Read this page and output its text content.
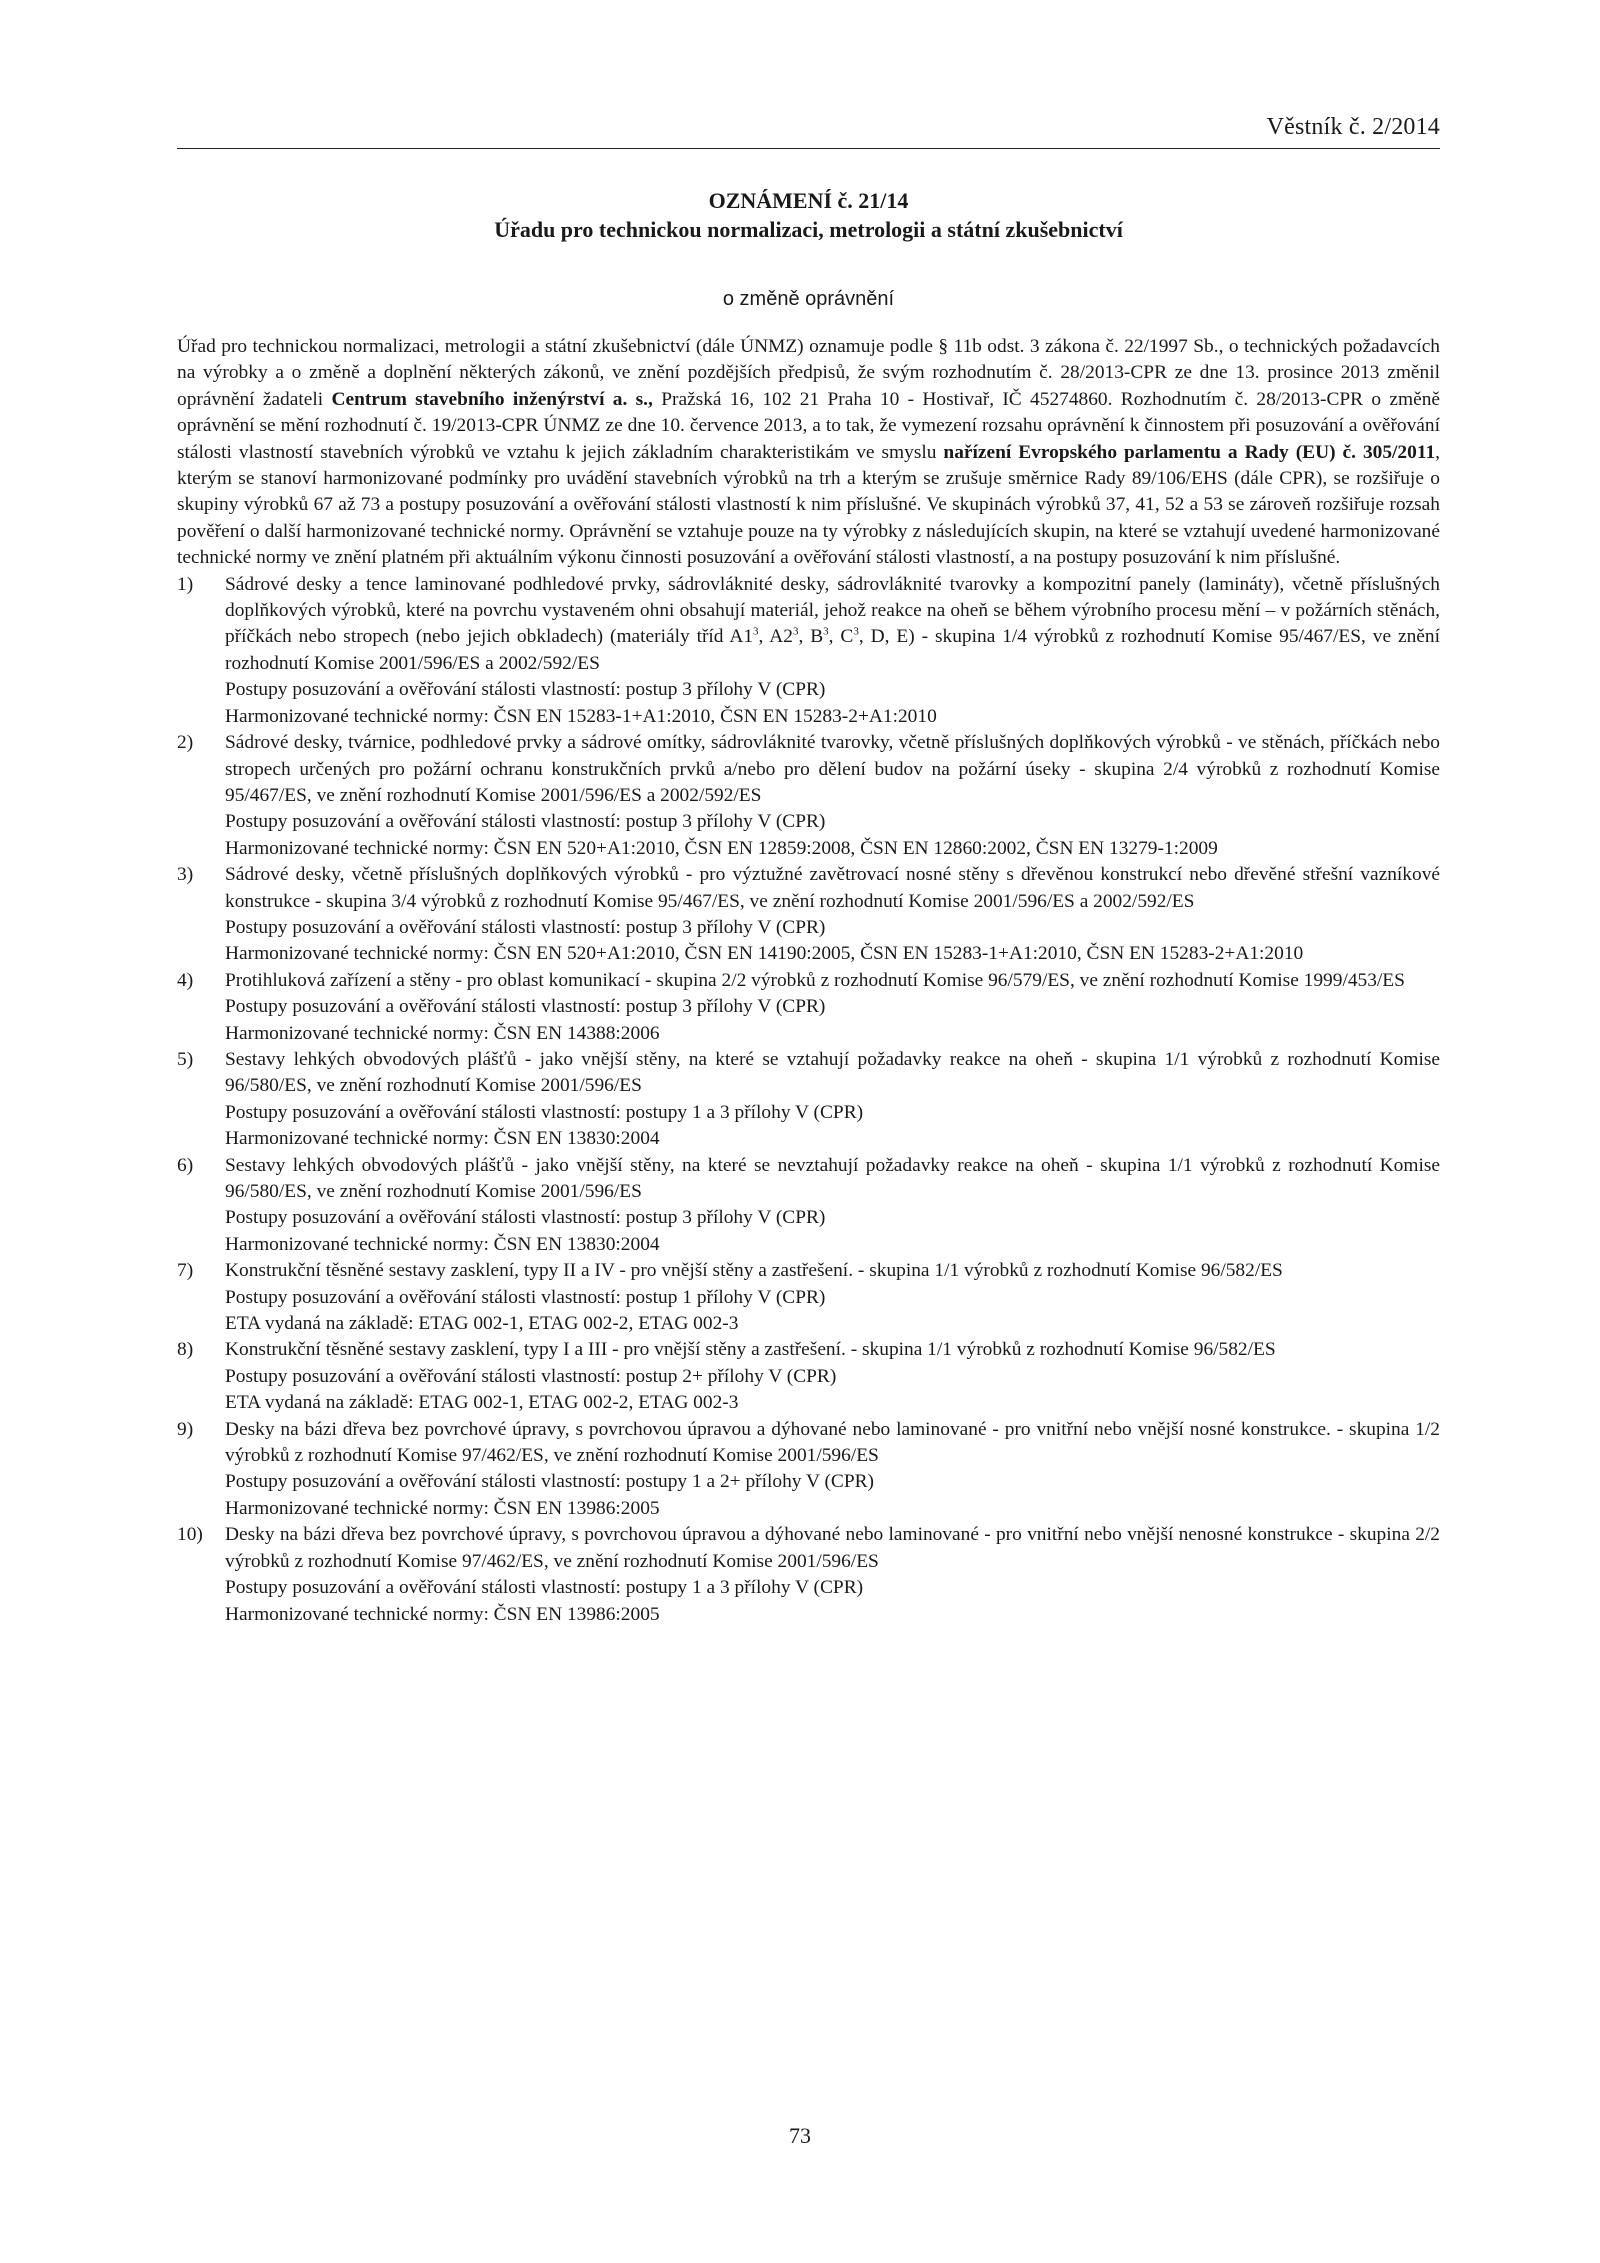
Věstník č. 2/2014
OZNÁMENÍ č. 21/14
Úřadu pro technickou normalizaci, metrologii a státní zkušebnictví
o změně oprávnění

Úřad pro technickou normalizaci, metrologii a státní zkušebnictví (dále ÚNMZ) oznamuje podle § 11b odst. 3 zákona č. 22/1997 Sb., o technických požadavcích na výrobky a o změně a doplnění některých zákonů, ve znění pozdějších předpisů, že svým rozhodnutím č. 28/2013-CPR ze dne 13. prosince 2013 změnil oprávnění žadateli Centrum stavebního inženýrství a. s., Pražská 16, 102 21 Praha 10 - Hostivař, IČ 45274860. Rozhodnutím č. 28/2013-CPR o změně oprávnění se mění rozhodnutí č. 19/2013-CPR ÚNMZ ze dne 10. července 2013, a to tak, že vymezení rozsahu oprávnění k činnostem při posuzování a ověřování stálosti vlastností stavebních výrobků ve vztahu k jejich základním charakteristikám ve smyslu nařízení Evropského parlamentu a Rady (EU) č. 305/2011, kterým se stanoví harmonizované podmínky pro uvádění stavebních výrobků na trh a kterým se zrušuje směrnice Rady 89/106/EHS (dále CPR), se rozšiřuje o skupiny výrobků 67 až 73 a postupy posuzování a ověřování stálosti vlastností k nim příslušné. Ve skupinách výrobků 37, 41, 52 a 53 se zároveň rozšiřuje rozsah pověření o další harmonizované technické normy. Oprávnění se vztahuje pouze na ty výrobky z následujících skupin, na které se vztahují uvedené harmonizované technické normy ve znění platném při aktuálním výkonu činnosti posuzování a ověřování stálosti vlastností, a na postupy posuzování k nim příslušné.

1)	Sádrové desky a tence laminované podhledové prvky, sádrovláknité desky, sádrovláknité tvarovky a kompozitní panely (lamináty), včetně příslušných doplňkových výrobků, které na povrchu vystaveném ohni obsahují materiál, jehož reakce na oheň se během výrobního procesu mění – v požárních stěnách, příčkách nebo stropech (nebo jejich obkladech) (materiály tříd $A1^3$, $A2^3$, $B^3$, $C^3$, D, E) - skupina 1/4 výrobků z rozhodnutí Komise 95/467/ES, ve znění rozhodnutí Komise 2001/596/ES a 2002/592/ES
Postupy posuzování a ověřování stálosti vlastností: postup 3 přílohy V (CPR)
Harmonizované technické normy: ČSN EN 15283-1+A1:2010, ČSN EN 15283-2+A1:2010
2)	Sádrové desky, tvárnice, podhledové prvky a sádrové omítky, sádrovláknité tvarovky, včetně příslušných doplňkových výrobků - ve stěnách, příčkách nebo stropech určených pro požární ochranu konstrukčních prvků a/nebo pro dělení budov na požární úseky - skupina 2/4 výrobků z rozhodnutí Komise 95/467/ES, ve znění rozhodnutí Komise 2001/596/ES a 2002/592/ES
Postupy posuzování a ověřování stálosti vlastností: postup 3 přílohy V (CPR)
Harmonizované technické normy: ČSN EN 520+A1:2010, ČSN EN 12859:2008, ČSN EN 12860:2002, ČSN EN 13279-1:2009
3)	Sádrové desky, včetně příslušných doplňkových výrobků - pro výztužné zavětrovací nosné stěny s dřevěnou konstrukcí nebo dřevěné střešní vazníkové konstrukce - skupina 3/4 výrobků z rozhodnutí Komise 95/467/ES, ve znění rozhodnutí Komise 2001/596/ES a 2002/592/ES
Postupy posuzování a ověřování stálosti vlastností: postup 3 přílohy V (CPR)
Harmonizované technické normy: ČSN EN 520+A1:2010, ČSN EN 14190:2005, ČSN EN 15283-1+A1:2010, ČSN EN 15283-2+A1:2010
4)	Protihluková zařízení a stěny - pro oblast komunikací - skupina 2/2 výrobků z rozhodnutí Komise 96/579/ES, ve znění rozhodnutí Komise 1999/453/ES
Postupy posuzování a ověřování stálosti vlastností: postup 3 přílohy V (CPR)
Harmonizované technické normy: ČSN EN 14388:2006
5)	Sestavy lehkých obvodových plášťů - jako vnější stěny, na které se vztahují požadavky reakce na oheň - skupina 1/1 výrobků z rozhodnutí Komise 96/580/ES, ve znění rozhodnutí Komise 2001/596/ES
Postupy posuzování a ověřování stálosti vlastností: postupy 1 a 3 přílohy V (CPR)
Harmonizované technické normy: ČSN EN 13830:2004
6)	Sestavy lehkých obvodových plášťů - jako vnější stěny, na které se nevztahují požadavky reakce na oheň - skupina 1/1 výrobků z rozhodnutí Komise 96/580/ES, ve znění rozhodnutí Komise 2001/596/ES
Postupy posuzování a ověřování stálosti vlastností: postup 3 přílohy V (CPR)
Harmonizované technické normy: ČSN EN 13830:2004
7)	Konstrukční těsněné sestavy zasklení, typy II a IV - pro vnější stěny a zastřešení. - skupina 1/1 výrobků z rozhodnutí Komise 96/582/ES
Postupy posuzování a ověřování stálosti vlastností: postup 1 přílohy V (CPR)
ETA vydaná na základě: ETAG 002-1, ETAG 002-2, ETAG 002-3
8)	Konstrukční těsněné sestavy zasklení, typy I a III - pro vnější stěny a zastřešení. - skupina 1/1 výrobků z rozhodnutí Komise 96/582/ES
Postupy posuzování a ověřování stálosti vlastností: postup 2+ přílohy V (CPR)
ETA vydaná na základě: ETAG 002-1, ETAG 002-2, ETAG 002-3
9)	Desky na bázi dřeva bez povrchové úpravy, s povrchovou úpravou a dýhované nebo laminované - pro vnitřní nebo vnější nosné konstrukce. - skupina 1/2 výrobků z rozhodnutí Komise 97/462/ES, ve znění rozhodnutí Komise 2001/596/ES
Postupy posuzování a ověřování stálosti vlastností: postupy 1 a 2+ přílohy V (CPR)
Harmonizované technické normy: ČSN EN 13986:2005
10)	Desky na bázi dřeva bez povrchové úpravy, s povrchovou úpravou a dýhované nebo laminované - pro vnitřní nebo vnější nenosné konstrukce - skupina 2/2 výrobků z rozhodnutí Komise 97/462/ES, ve znění rozhodnutí Komise 2001/596/ES
Postupy posuzování a ověřování stálosti vlastností: postupy 1 a 3 přílohy V (CPR)
Harmonizované technické normy: ČSN EN 13986:2005
73
